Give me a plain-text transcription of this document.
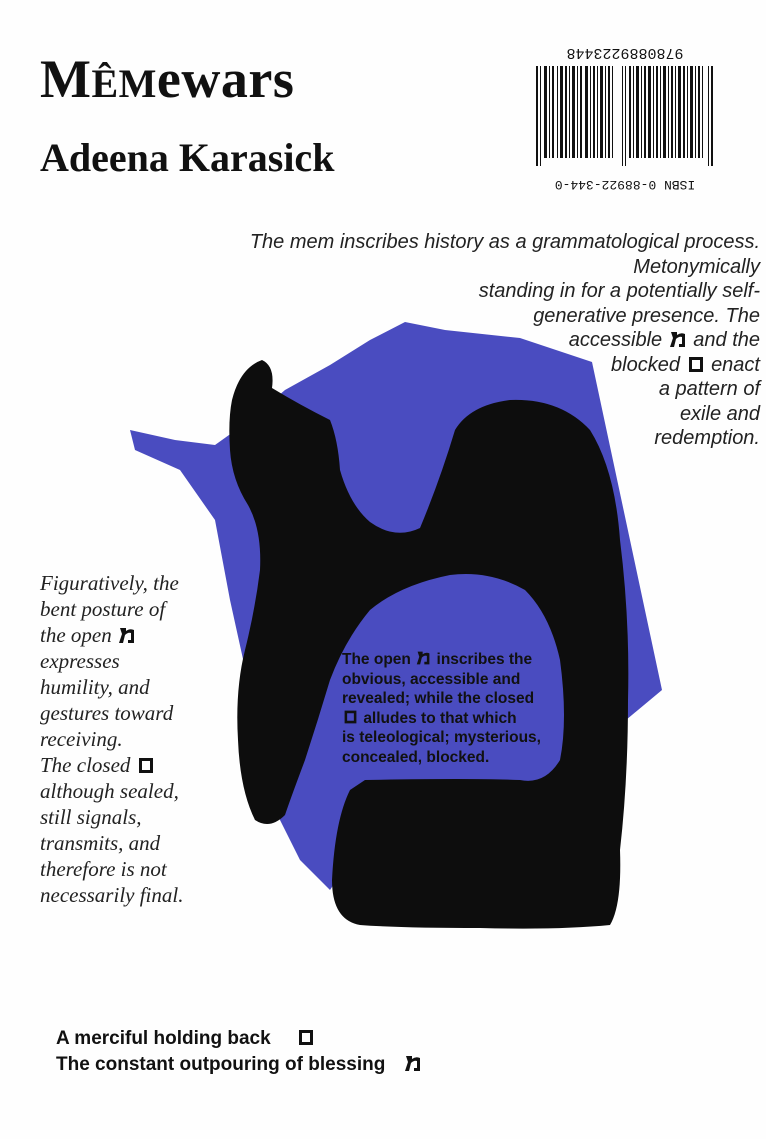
MÊMewars
Adeena Karasick
9780889223448
ISBN 0-88922-344-0
The mem inscribes history as a grammatological process. Metonymically
standing in for a potentially self-
generative presence. The
accessible and the
blocked enact
a pattern of
exile and
redemption.
Figuratively, the
bent posture of
the open
expresses
humility, and
gestures toward
receiving.
The closed
although sealed,
still signals,
transmits, and
therefore is not
necessarily final.
The open inscribes the
obvious, accessible and
revealed; while the closed
alludes to that which
is teleological; mysterious,
concealed, blocked.
A merciful holding back
The constant outpouring of blessing
